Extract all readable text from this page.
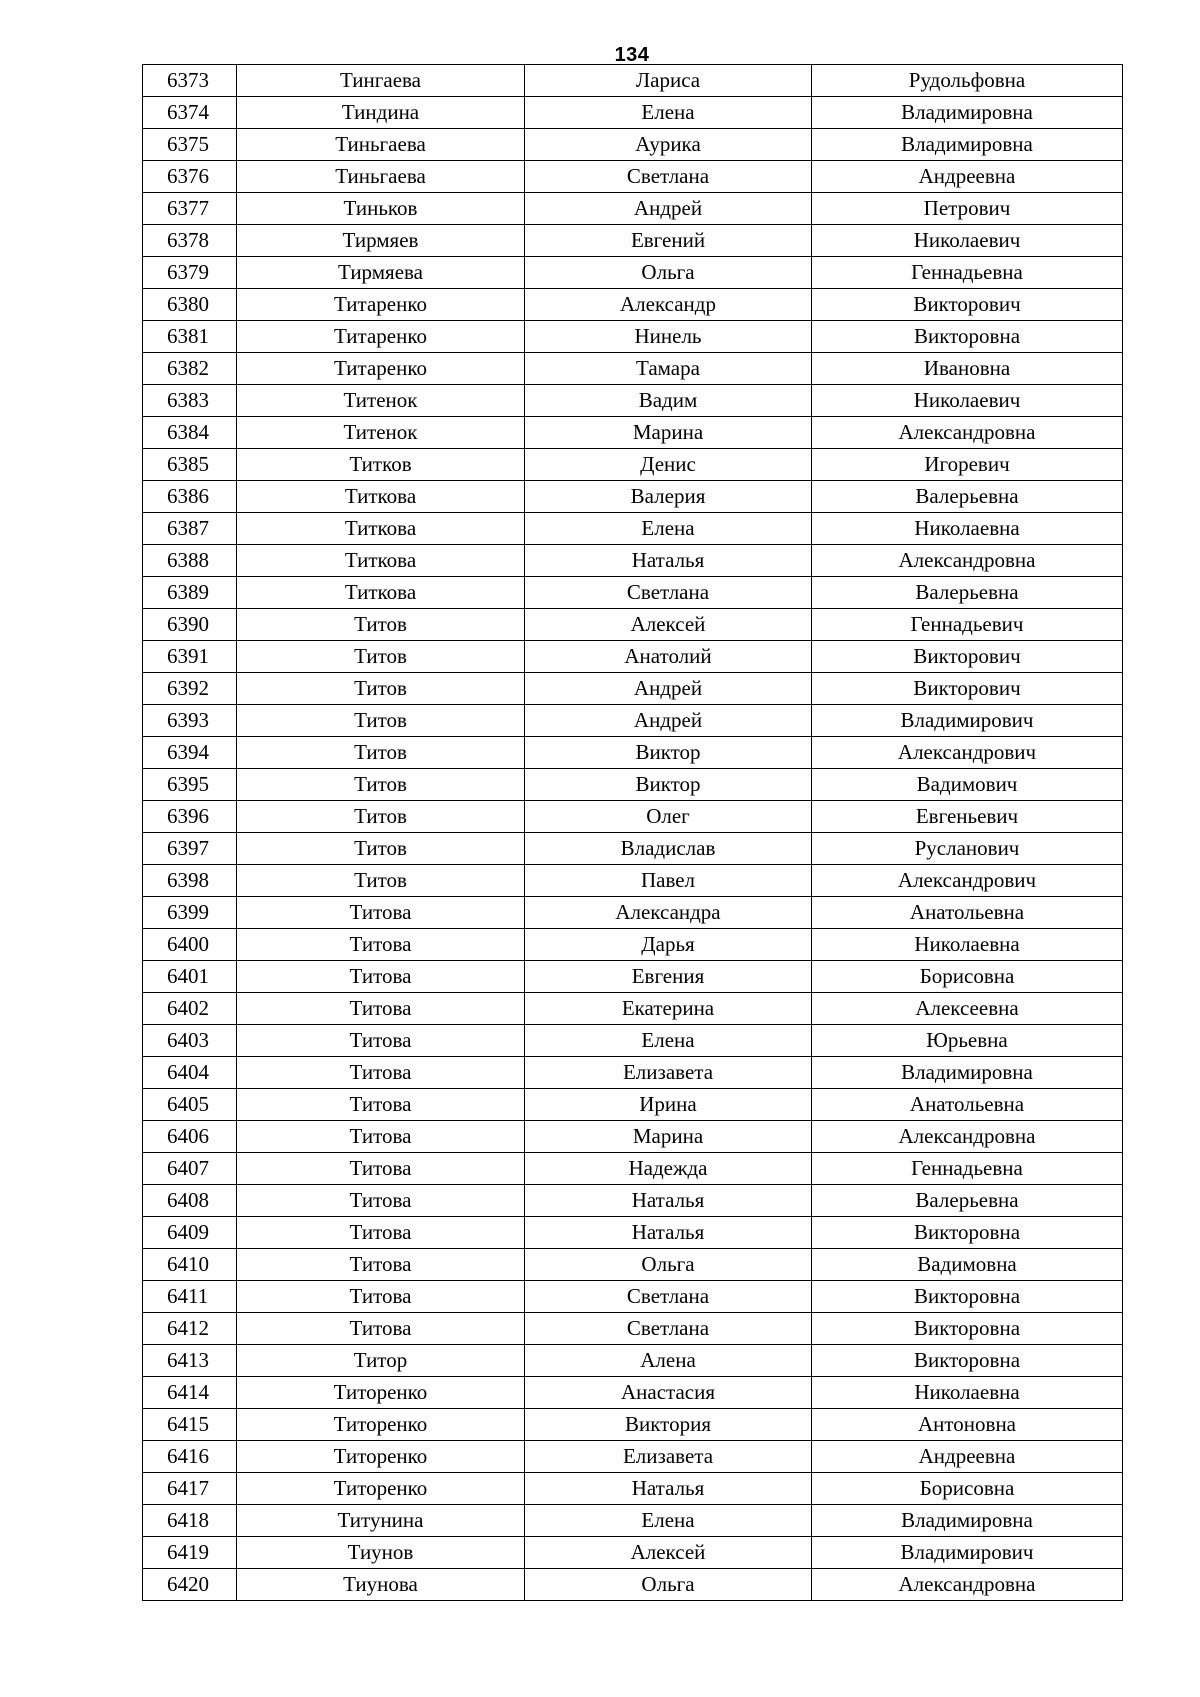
134
6373	Тингаева	Лариса	Рудольфовна
6374	Тиндина	Елена	Владимировна
6375	Тиньгаева	Аурика	Владимировна
6376	Тиньгаева	Светлана	Андреевна
6377	Тиньков	Андрей	Петрович
6378	Тирмяев	Евгений	Николаевич
6379	Тирмяева	Ольга	Геннадьевна
6380	Титаренко	Александр	Викторович
6381	Титаренко	Нинель	Викторовна
6382	Титаренко	Тамара	Ивановна
6383	Титенок	Вадим	Николаевич
6384	Титенок	Марина	Александровна
6385	Титков	Денис	Игоревич
6386	Титкова	Валерия	Валерьевна
6387	Титкова	Елена	Николаевна
6388	Титкова	Наталья	Александровна
6389	Титкова	Светлана	Валерьевна
6390	Титов	Алексей	Геннадьевич
6391	Титов	Анатолий	Викторович
6392	Титов	Андрей	Викторович
6393	Титов	Андрей	Владимирович
6394	Титов	Виктор	Александрович
6395	Титов	Виктор	Вадимович
6396	Титов	Олег	Евгеньевич
6397	Титов	Владислав	Русланович
6398	Титов	Павел	Александрович
6399	Титова	Александра	Анатольевна
6400	Титова	Дарья	Николаевна
6401	Титова	Евгения	Борисовна
6402	Титова	Екатерина	Алексеевна
6403	Титова	Елена	Юрьевна
6404	Титова	Елизавета	Владимировна
6405	Титова	Ирина	Анатольевна
6406	Титова	Марина	Александровна
6407	Титова	Надежда	Геннадьевна
6408	Титова	Наталья	Валерьевна
6409	Титова	Наталья	Викторовна
6410	Титова	Ольга	Вадимовна
6411	Титова	Светлана	Викторовна
6412	Титова	Светлана	Викторовна
6413	Титор	Алена	Викторовна
6414	Титоренко	Анастасия	Николаевна
6415	Титоренко	Виктория	Антоновна
6416	Титоренко	Елизавета	Андреевна
6417	Титоренко	Наталья	Борисовна
6418	Титунина	Елена	Владимировна
6419	Тиунов	Алексей	Владимирович
6420	Тиунова	Ольга	Александровна
